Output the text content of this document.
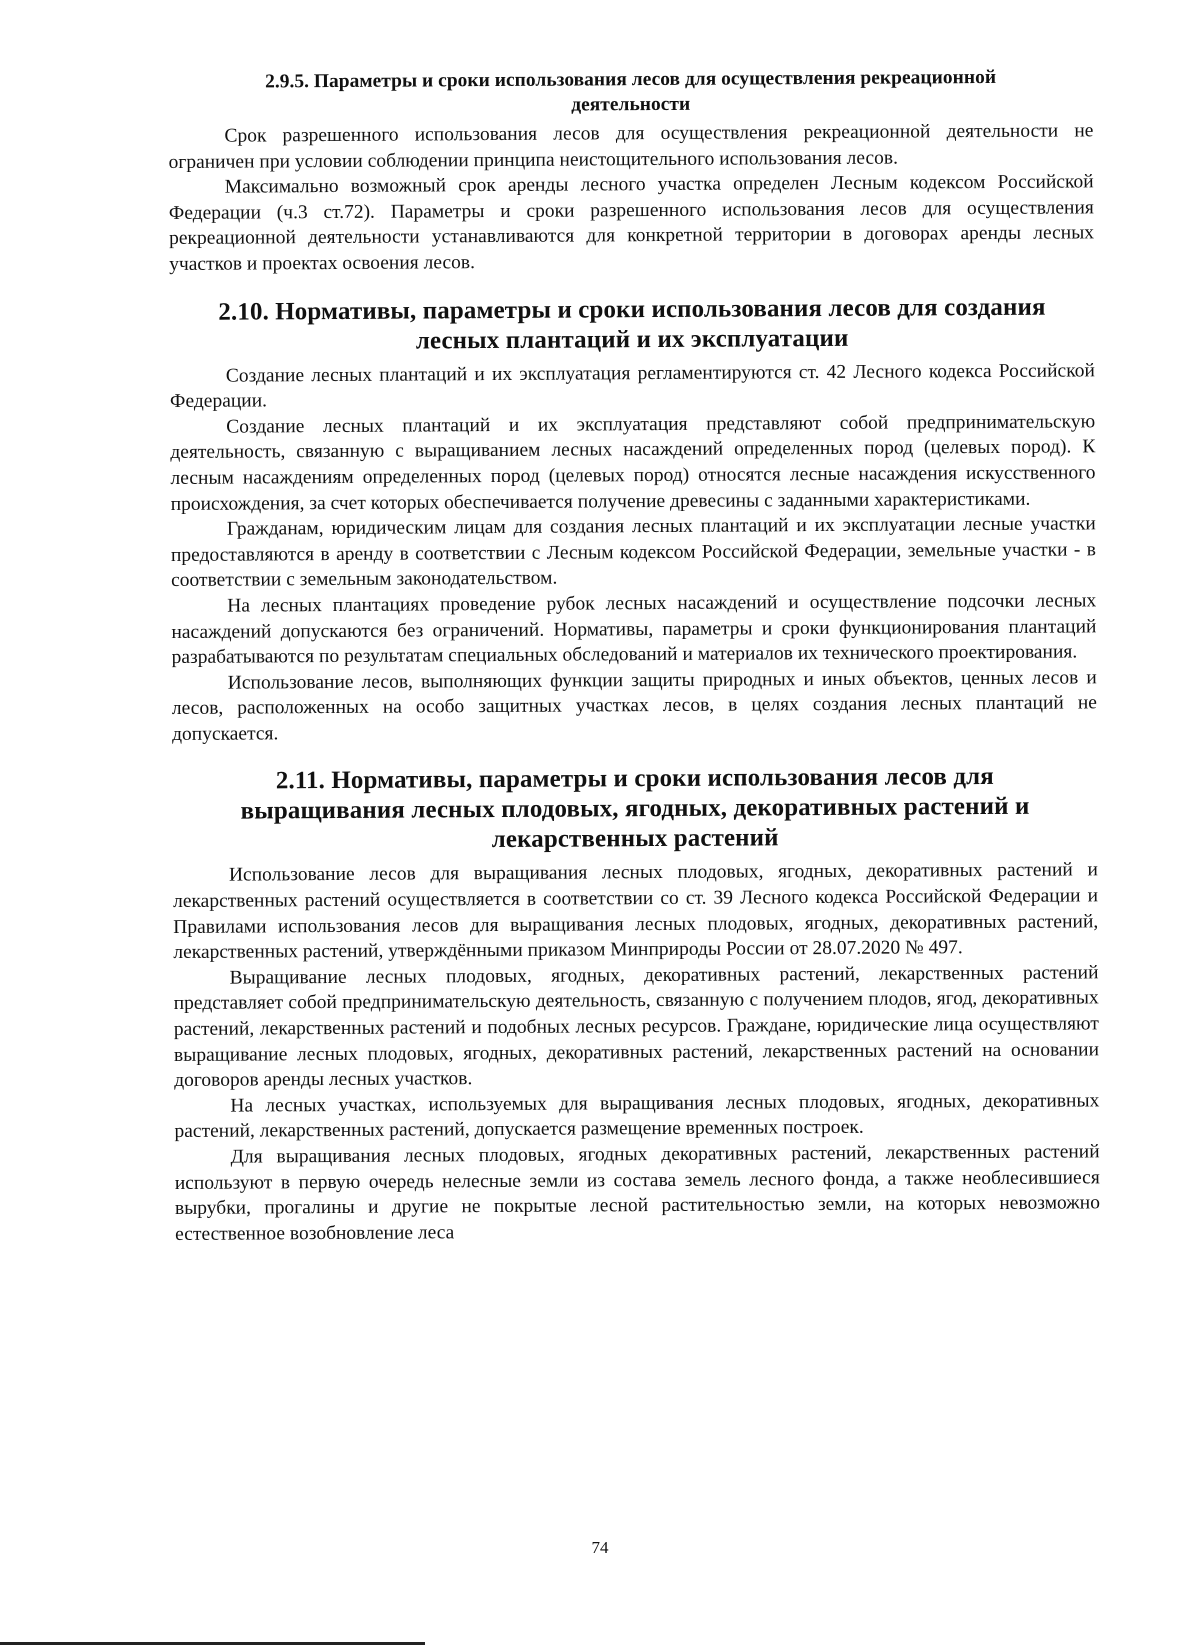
2.9.5. Параметры и сроки использования лесов для осуществления рекреационной
деятельности

Срок разрешенного использования лесов для осуществления рекреационной деятельности не ограничен при условии соблюдении принципа неистощительного использования лесов.

Максимально возможный срок аренды лесного участка определен Лесным кодексом Российской Федерации (ч.3 ст.72). Параметры и сроки разрешенного использования лесов для осуществления рекреационной деятельности устанавливаются для конкретной территории в договорах аренды лесных участков и проектах освоения лесов.

2.10. Нормативы, параметры и сроки использования лесов для создания
лесных плантаций и их эксплуатации

Создание лесных плантаций и их эксплуатация регламентируются ст. 42 Лесного кодекса Российской Федерации.

Создание лесных плантаций и их эксплуатация представляют собой предпринимательскую деятельность, связанную с выращиванием лесных насаждений определенных пород (целевых пород). К лесным насаждениям определенных пород (целевых пород) относятся лесные насаждения искусственного происхождения, за счет которых обеспечивается получение древесины с заданными характеристиками.

Гражданам, юридическим лицам для создания лесных плантаций и их эксплуатации лесные участки предоставляются в аренду в соответствии с Лесным кодексом Российской Федерации, земельные участки - в соответствии с земельным законодательством.

На лесных плантациях проведение рубок лесных насаждений и осуществление подсочки лесных насаждений допускаются без ограничений. Нормативы, параметры и сроки функционирования плантаций разрабатываются по результатам специальных обследований и материалов их технического проектирования.

Использование лесов, выполняющих функции защиты природных и иных объектов, ценных лесов и лесов, расположенных на особо защитных участках лесов, в целях создания лесных плантаций не допускается.

2.11. Нормативы, параметры и сроки использования лесов для
выращивания лесных плодовых, ягодных, декоративных растений и
лекарственных растений

Использование лесов для выращивания лесных плодовых, ягодных, декоративных растений и лекарственных растений осуществляется в соответствии со ст. 39 Лесного кодекса Российской Федерации и Правилами использования лесов для выращивания лесных плодовых, ягодных, декоративных растений, лекарственных растений, утверждёнными приказом Минприроды России от 28.07.2020 № 497.

Выращивание лесных плодовых, ягодных, декоративных растений, лекарственных растений представляет собой предпринимательскую деятельность, связанную с получением плодов, ягод, декоративных растений, лекарственных растений и подобных лесных ресурсов. Граждане, юридические лица осуществляют выращивание лесных плодовых, ягодных, декоративных растений, лекарственных растений на основании договоров аренды лесных участков.

На лесных участках, используемых для выращивания лесных плодовых, ягодных, декоративных растений, лекарственных растений, допускается размещение временных построек.

Для выращивания лесных плодовых, ягодных декоративных растений, лекарственных растений используют в первую очередь нелесные земли из состава земель лесного фонда, а также необлесившиеся вырубки, прогалины и другие не покрытые лесной растительностью земли, на которых невозможно естественное возобновление леса

74
